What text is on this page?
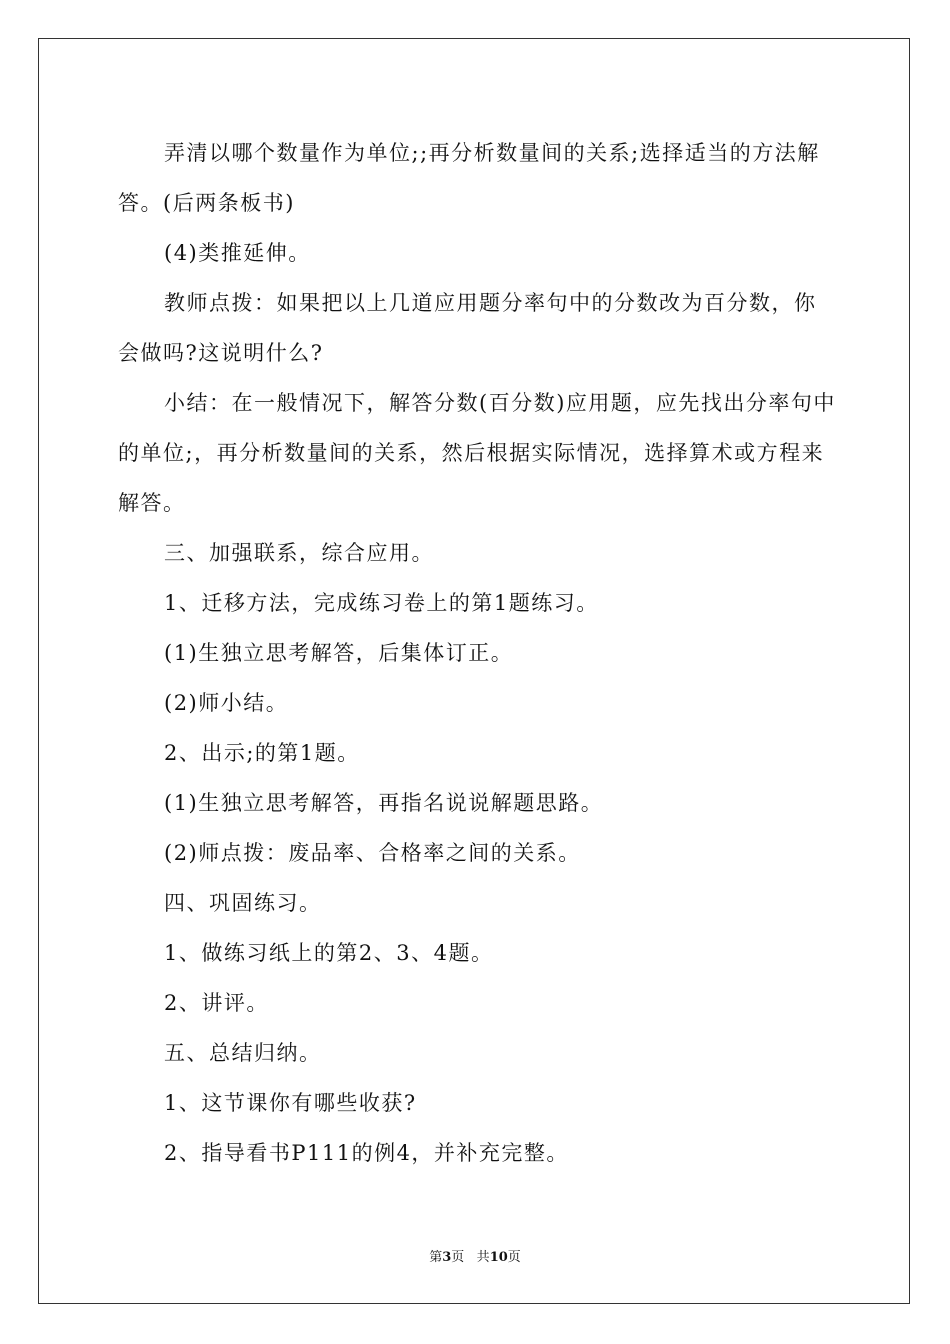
弄清以哪个数量作为单位;;再分析数量间的关系;选择适当的方法解答。(后两条板书)

(4)类推延伸。

教师点拨：如果把以上几道应用题分率句中的分数改为百分数，你会做吗?这说明什么?

小结：在一般情况下，解答分数(百分数)应用题，应先找出分率句中的单位;，再分析数量间的关系，然后根据实际情况，选择算术或方程来解答。

三、加强联系，综合应用。

1、迁移方法，完成练习卷上的第1题练习。

(1)生独立思考解答，后集体订正。

(2)师小结。

2、出示;的第1题。

(1)生独立思考解答，再指名说说解题思路。

(2)师点拨：废品率、合格率之间的关系。

四、巩固练习。

1、做练习纸上的第2、3、4题。

2、讲评。

五、总结归纳。

1、这节课你有哪些收获?

2、指导看书P111的例4，并补充完整。

第3页 共10页
